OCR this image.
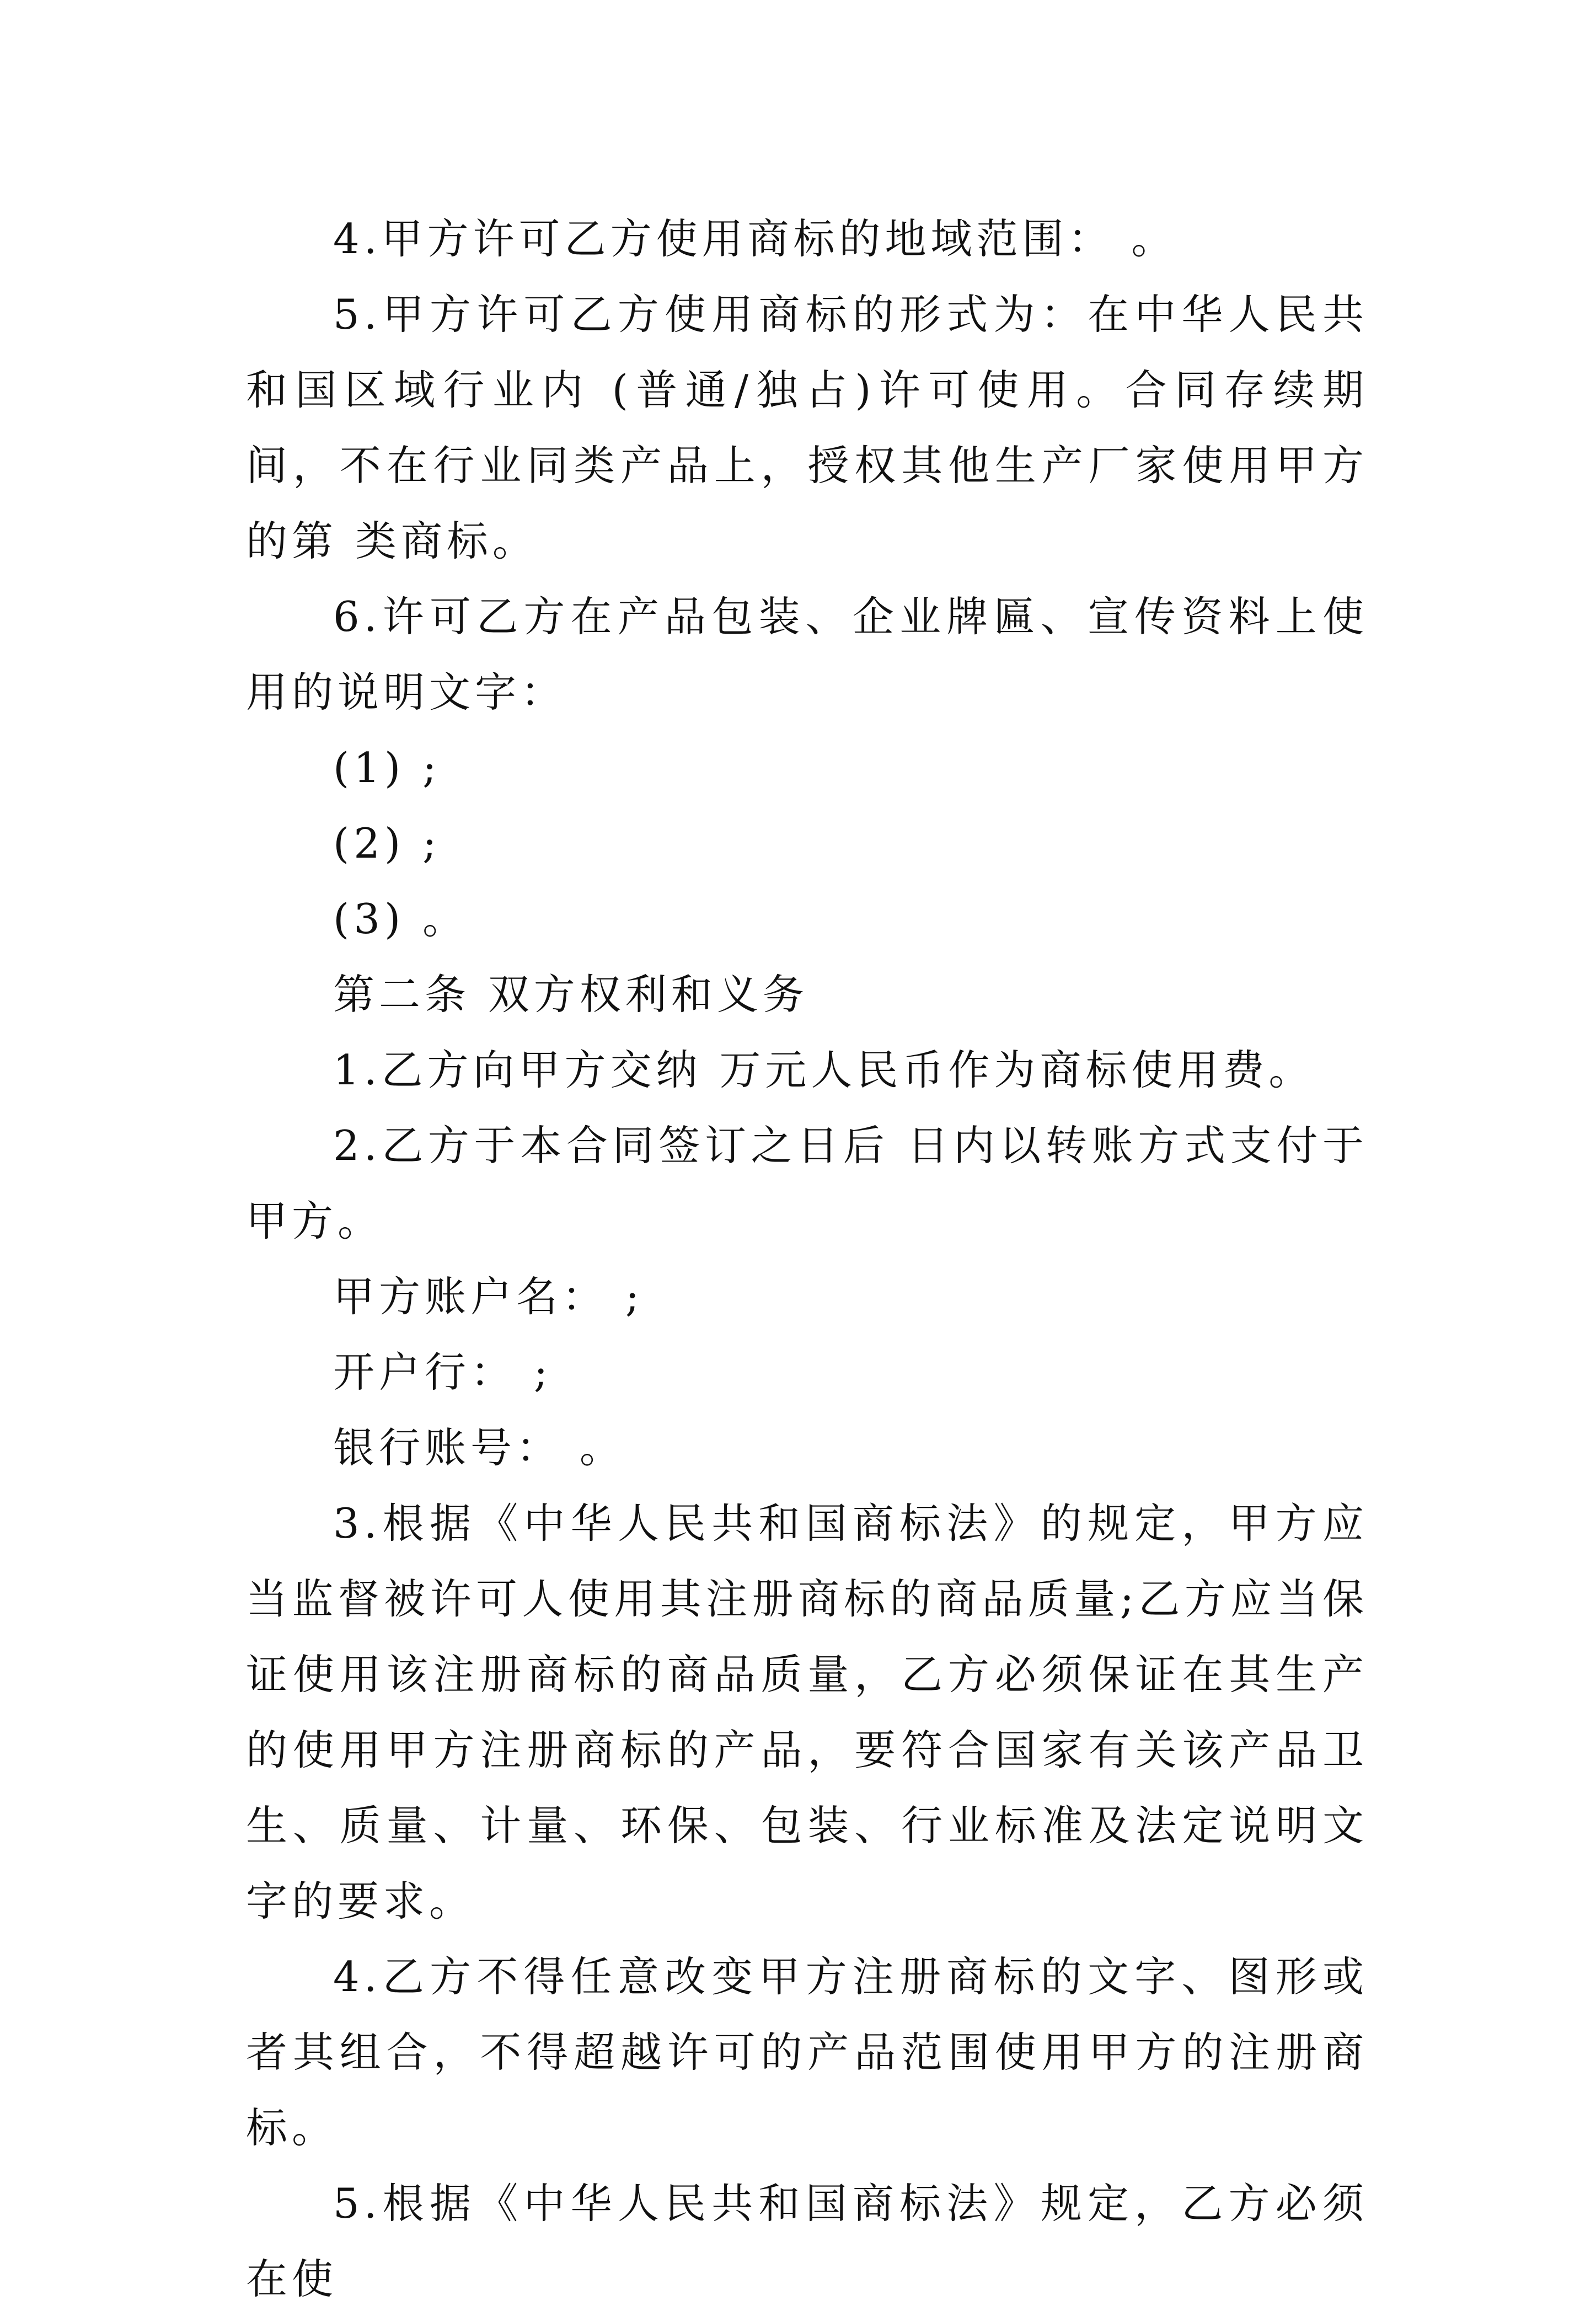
4.甲方许可乙方使用商标的地域范围： 。

5.甲方许可乙方使用商标的形式为：在中华人民共和国区域行业内 (普通/独占)许可使用。合同存续期间，不在行业同类产品上，授权其他生产厂家使用甲方的第 类商标。

6.许可乙方在产品包装、企业牌匾、宣传资料上使用的说明文字：

(1) ;

(2) ;

(3) 。

第二条 双方权利和义务

1.乙方向甲方交纳 万元人民币作为商标使用费。

2.乙方于本合同签订之日后 日内以转账方式支付于甲方。

甲方账户名： ;

开户行： ;

银行账号： 。

3.根据《中华人民共和国商标法》的规定，甲方应当监督被许可人使用其注册商标的商品质量;乙方应当保证使用该注册商标的商品质量，乙方必须保证在其生产的使用甲方注册商标的产品，要符合国家有关该产品卫生、质量、计量、环保、包装、行业标准及法定说明文字的要求。

4.乙方不得任意改变甲方注册商标的文字、图形或者其组合，不得超越许可的产品范围使用甲方的注册商标。

5.根据《中华人民共和国商标法》规定，乙方必须在使
